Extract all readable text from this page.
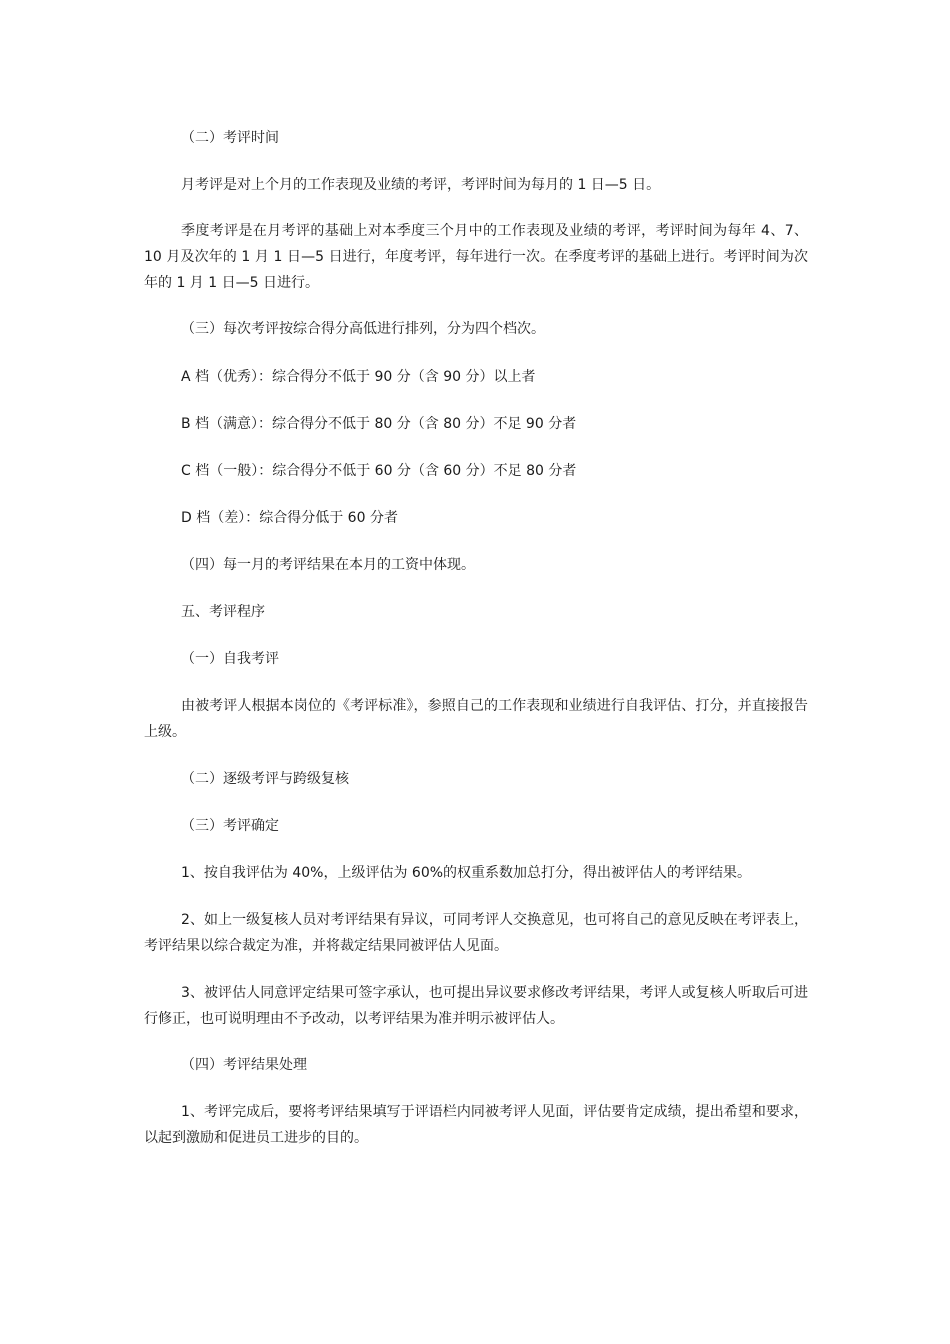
（二）考评时间

月考评是对上个月的工作表现及业绩的考评，考评时间为每月的 1 日—5 日。

季度考评是在月考评的基础上对本季度三个月中的工作表现及业绩的考评，考评时间为每年 4、7、10 月及次年的 1 月 1 日—5 日进行，年度考评，每年进行一次。在季度考评的基础上进行。考评时间为次年的 1 月 1 日—5 日进行。

（三）每次考评按综合得分高低进行排列，分为四个档次。

A 档（优秀）：综合得分不低于 90 分（含 90 分）以上者

B 档（满意）：综合得分不低于 80 分（含 80 分）不足 90 分者

C 档（一般）：综合得分不低于 60 分（含 60 分）不足 80 分者

D 档（差）：综合得分低于 60 分者

（四）每一月的考评结果在本月的工资中体现。

五、考评程序

（一）自我考评

由被考评人根据本岗位的《考评标准》，参照自己的工作表现和业绩进行自我评估、打分，并直接报告上级。

（二）逐级考评与跨级复核

（三）考评确定

1、按自我评估为 40%，上级评估为 60%的权重系数加总打分，得出被评估人的考评结果。

2、如上一级复核人员对考评结果有异议，可同考评人交换意见，也可将自己的意见反映在考评表上，考评结果以综合裁定为准，并将裁定结果同被评估人见面。

3、被评估人同意评定结果可签字承认，也可提出异议要求修改考评结果，考评人或复核人听取后可进行修正，也可说明理由不予改动，以考评结果为准并明示被评估人。

（四）考评结果处理

1、考评完成后，要将考评结果填写于评语栏内同被考评人见面，评估要肯定成绩，提出希望和要求，以起到激励和促进员工进步的目的。
